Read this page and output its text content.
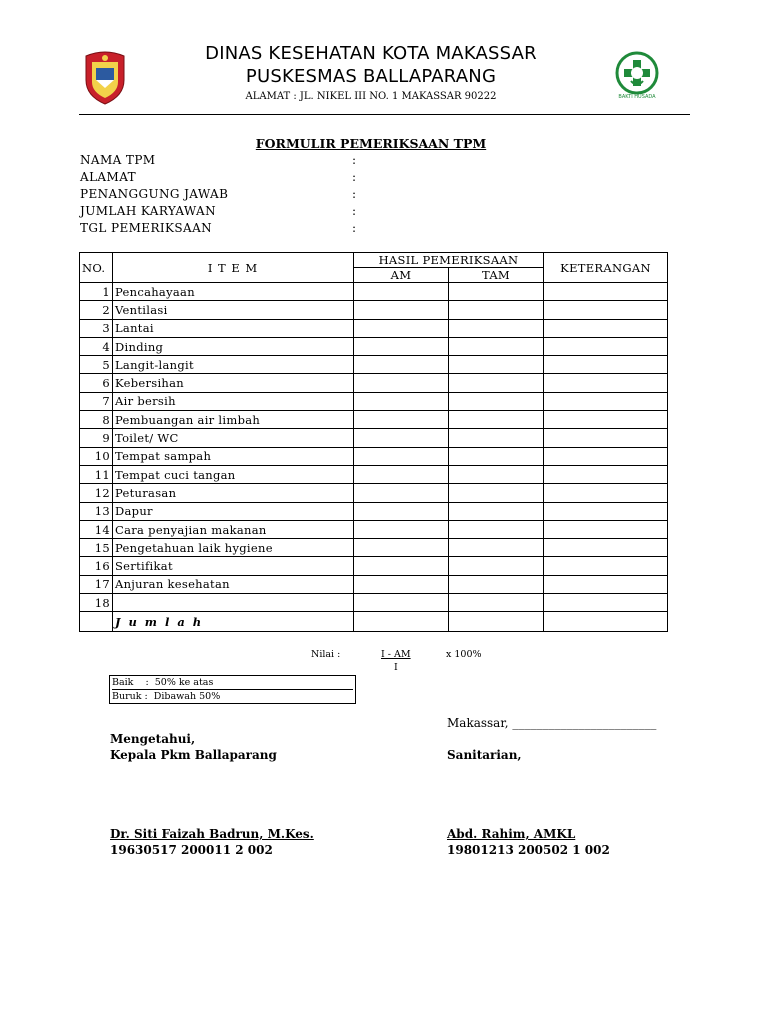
DINAS KESEHATAN KOTA MAKASSAR
PUSKESMAS BALLAPARANG
ALAMAT : JL. NIKEL III NO. 1 MAKASSAR 90222	BAKTI HUSADA
FORMULIR PEMERIKSAAN TPM
NAMA TPM	:
ALAMAT	:
PENANGGUNG JAWAB	:
JUMLAH KARYAWAN	:
TGL PEMERIKSAAN	:
NO.	I T E M	HASIL PEMERIKSAAN		KETERANGAN
		AM	TAM	
1	Pencahayaan			
2	Ventilasi			
3	Lantai			
4	Dinding			
5	Langit-langit			
6	Kebersihan			
7	Air bersih			
8	Pembuangan air limbah			
9	Toilet/ WC			
10	Tempat sampah			
11	Tempat cuci tangan			
12	Peturasan			
13	Dapur			
14	Cara penyajian makanan			
15	Pengetahuan laik hygiene			
16	Sertifikat			
17	Anjuran kesehatan			
18				
	J u m l a h			
Nilai :	I - AM
I
x 100%
Baik    :  50% ke atas
Buruk :  Dibawah 50%
Makassar, ________________________
Mengetahui,
Kepala Pkm Ballaparang	Sanitarian,
Dr. Siti Faizah Badrun, M.Kes.
19630517 200011 2 002
Abd. Rahim, AMKL
19801213 200502 1 002
